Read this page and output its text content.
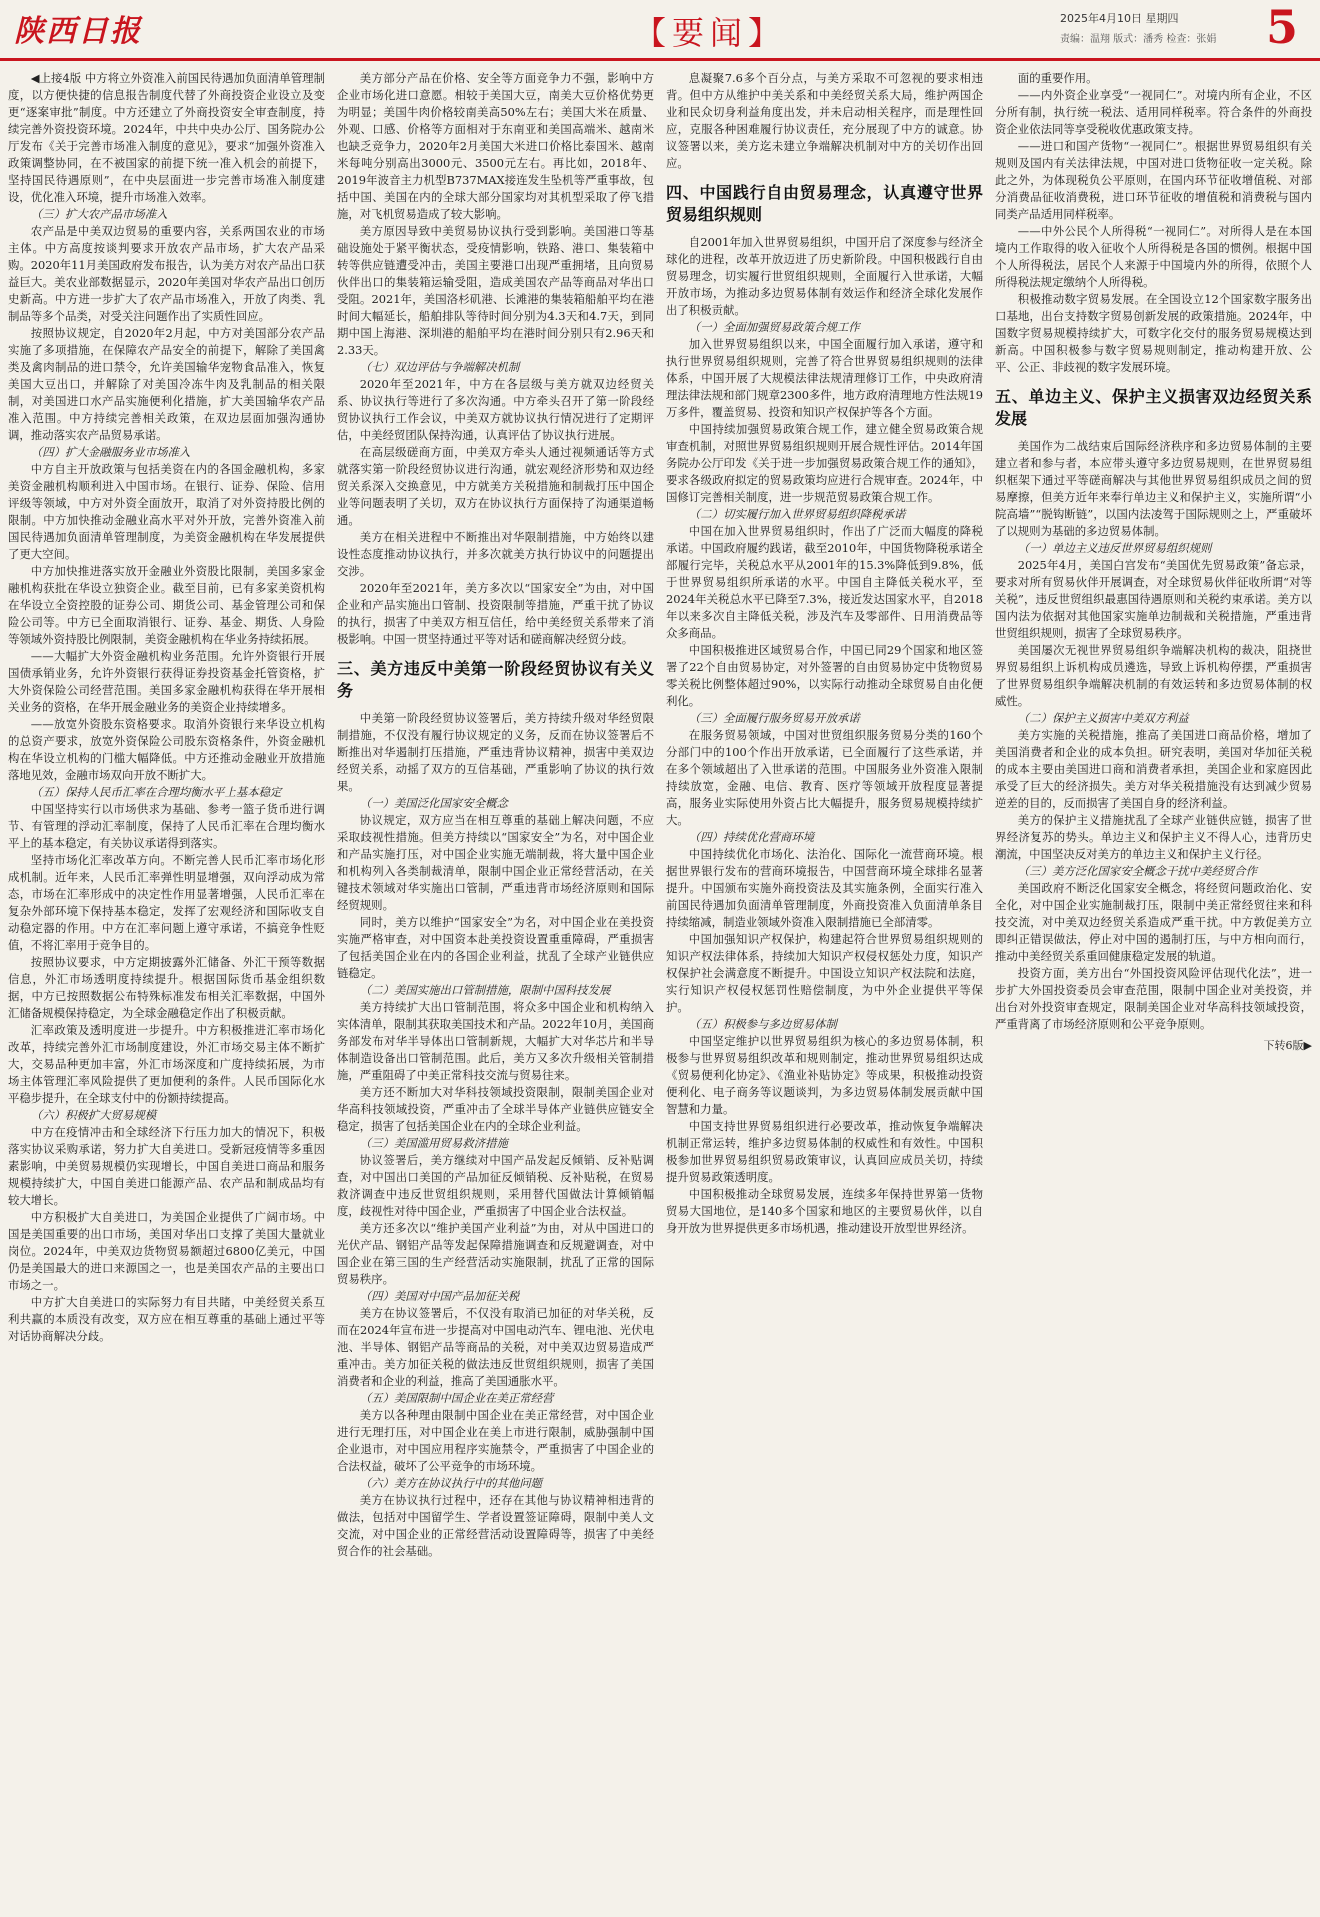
陕西日报	【要闻】	2025年4月10日 星期四
责编：温翔 版式：潘秀 检查：张娟 5

◀上接4版 中方将立外资准入前国民待遇加负面清单管理制度，以方便快捷的信息报告制度代替了外商投资企业设立及变更“逐案审批”制度。中方还建立了外商投资安全审查制度，持续完善外资投资环境。2024年，中共中央办公厅、国务院办公厅发布《关于完善市场准入制度的意见》，要求“加强外资准入政策调整协同，在不被国家的前提下统一准入机会的前提下，坚持国民待遇原则”，在中央层面进一步完善市场准入制度建设，优化准入环境，提升市场准入效率。

（三）扩大农产品市场准入

农产品是中美双边贸易的重要内容，关系两国农业的市场主体。中方高度按谈判要求开放农产品市场，扩大农产品采购。2020年11月美国政府发布报告，认为美方对农产品出口获益巨大。美农业部数据显示，2020年美国对华农产品出口创历史新高。中方进一步扩大了农产品市场准入，开放了肉类、乳制品等多个品类，对受关注问题作出了实质性回应。

按照协议规定，自2020年2月起，中方对美国部分农产品实施了多项措施，在保障农产品安全的前提下，解除了美国禽类及禽肉制品的进口禁令，允许美国输华宠物食品准入，恢复美国大豆出口，并解除了对美国冷冻牛肉及乳制品的相关限制，对美国进口水产品实施便利化措施，扩大美国输华农产品准入范围。中方持续完善相关政策，在双边层面加强沟通协调，推动落实农产品贸易承诺。

（四）扩大金融服务业市场准入

中方自主开放政策与包括美资在内的各国金融机构，多家美资金融机构顺利进入中国市场。在银行、证券、保险、信用评级等领域，中方对外资全面放开，取消了对外资持股比例的限制。中方加快推动金融业高水平对外开放，完善外资准入前国民待遇加负面清单管理制度，为美资金融机构在华发展提供了更大空间。

中方加快推进落实放开金融业外资股比限制，美国多家金融机构获批在华设立独资企业。截至目前，已有多家美资机构在华设立全资控股的证券公司、期货公司、基金管理公司和保险公司等。中方已全面取消银行、证券、基金、期货、人身险等领域外资持股比例限制，美资金融机构在华业务持续拓展。

——大幅扩大外资金融机构业务范围。允许外资银行开展国债承销业务，允许外资银行获得证券投资基金托管资格，扩大外资保险公司经营范围。美国多家金融机构获得在华开展相关业务的资格，在华开展金融业务的美资企业持续增多。

——放宽外资股东资格要求。取消外资银行来华设立机构的总资产要求，放宽外资保险公司股东资格条件，外资金融机构在华设立机构的门槛大幅降低。中方还推动金融业开放措施落地见效，金融市场双向开放不断扩大。

（五）保持人民币汇率在合理均衡水平上基本稳定

中国坚持实行以市场供求为基础、参考一篮子货币进行调节、有管理的浮动汇率制度，保持了人民币汇率在合理均衡水平上的基本稳定，有关协议承诺得到落实。

坚持市场化汇率改革方向。不断完善人民币汇率市场化形成机制。近年来，人民币汇率弹性明显增强，双向浮动成为常态，市场在汇率形成中的决定性作用显著增强，人民币汇率在复杂外部环境下保持基本稳定，发挥了宏观经济和国际收支自动稳定器的作用。中方在汇率问题上遵守承诺，不搞竞争性贬值，不将汇率用于竞争目的。

按照协议要求，中方定期披露外汇储备、外汇干预等数据信息，外汇市场透明度持续提升。根据国际货币基金组织数据，中方已按照数据公布特殊标准发布相关汇率数据，中国外汇储备规模保持稳定，为全球金融稳定作出了积极贡献。

汇率政策及透明度进一步提升。中方积极推进汇率市场化改革，持续完善外汇市场制度建设，外汇市场交易主体不断扩大，交易品种更加丰富，外汇市场深度和广度持续拓展，为市场主体管理汇率风险提供了更加便利的条件。人民币国际化水平稳步提升，在全球支付中的份额持续提高。

（六）积极扩大贸易规模

中方在疫情冲击和全球经济下行压力加大的情况下，积极落实协议采购承诺，努力扩大自美进口。受新冠疫情等多重因素影响，中美贸易规模仍实现增长，中国自美进口商品和服务规模持续扩大，中国自美进口能源产品、农产品和制成品均有较大增长。

中方积极扩大自美进口，为美国企业提供了广阔市场。中国是美国重要的出口市场，美国对华出口支撑了美国大量就业岗位。2024年，中美双边货物贸易额超过6800亿美元，中国仍是美国最大的进口来源国之一，也是美国农产品的主要出口市场之一。

中方扩大自美进口的实际努力有目共睹，中美经贸关系互利共赢的本质没有改变，双方应在相互尊重的基础上通过平等对话协商解决分歧。

美方部分产品在价格、安全等方面竞争力不强，影响中方企业市场化进口意愿。相较于美国大豆，南美大豆价格优势更为明显；美国牛肉价格较南美高50%左右；美国大米在质量、外观、口感、价格等方面相对于东南亚和美国高端米、越南米也缺乏竞争力，2020年2月美国大米进口价格比泰国米、越南米每吨分别高出3000元、3500元左右。再比如，2018年、2019年波音主力机型B737MAX接连发生坠机等严重事故，包括中国、美国在内的全球大部分国家均对其机型采取了停飞措施，对飞机贸易造成了较大影响。

美方原因导致中美贸易协议执行受到影响。美国港口等基础设施处于紧平衡状态，受疫情影响，铁路、港口、集装箱中转等供应链遭受冲击，美国主要港口出现严重拥堵，且向贸易伙伴出口的集装箱运输受阻，造成美国农产品等商品对华出口受阻。2021年，美国洛杉矶港、长滩港的集装箱船舶平均在港时间大幅延长，船舶排队等待时间分别为4.3天和4.7天，到同期中国上海港、深圳港的船舶平均在港时间分别只有2.96天和2.33天。

（七）双边评估与争端解决机制

2020年至2021年，中方在各层级与美方就双边经贸关系、协议执行等进行了多次沟通。中方牵头召开了第一阶段经贸协议执行工作会议，中美双方就协议执行情况进行了定期评估，中美经贸团队保持沟通，认真评估了协议执行进展。

在高层级磋商方面，中美双方牵头人通过视频通话等方式就落实第一阶段经贸协议进行沟通，就宏观经济形势和双边经贸关系深入交换意见，中方就美方关税措施和制裁打压中国企业等问题表明了关切，双方在协议执行方面保持了沟通渠道畅通。

美方在相关进程中不断推出对华限制措施，中方始终以建设性态度推动协议执行，并多次就美方执行协议中的问题提出交涉。

2020年至2021年，美方多次以“国家安全”为由，对中国企业和产品实施出口管制、投资限制等措施，严重干扰了协议的执行，损害了中美双方相互信任，给中美经贸关系带来了消极影响。中国一贯坚持通过平等对话和磋商解决经贸分歧。

三、美方违反中美第一阶段经贸协议有关义务

中美第一阶段经贸协议签署后，美方持续升级对华经贸限制措施，不仅没有履行协议规定的义务，反而在协议签署后不断推出对华遏制打压措施，严重违背协议精神，损害中美双边经贸关系，动摇了双方的互信基础，严重影响了协议的执行效果。

（一）美国泛化国家安全概念

协议规定，双方应当在相互尊重的基础上解决问题，不应采取歧视性措施。但美方持续以“国家安全”为名，对中国企业和产品实施打压，对中国企业实施无端制裁，将大量中国企业和机构列入各类制裁清单，限制中国企业正常经营活动，在关键技术领域对华实施出口管制，严重违背市场经济原则和国际经贸规则。

同时，美方以维护“国家安全”为名，对中国企业在美投资实施严格审查，对中国资本赴美投资设置重重障碍，严重损害了包括美国企业在内的各国企业利益，扰乱了全球产业链供应链稳定。

（二）美国实施出口管制措施，限制中国科技发展

美方持续扩大出口管制范围，将众多中国企业和机构纳入实体清单，限制其获取美国技术和产品。2022年10月，美国商务部发布对华半导体出口管制新规，大幅扩大对华芯片和半导体制造设备出口管制范围。此后，美方又多次升级相关管制措施，严重阻碍了中美正常科技交流与贸易往来。

美方还不断加大对华科技领域投资限制，限制美国企业对华高科技领域投资，严重冲击了全球半导体产业链供应链安全稳定，损害了包括美国企业在内的全球企业利益。

（三）美国滥用贸易救济措施

协议签署后，美方继续对中国产品发起反倾销、反补贴调查，对中国出口美国的产品加征反倾销税、反补贴税，在贸易救济调查中违反世贸组织规则，采用替代国做法计算倾销幅度，歧视性对待中国企业，严重损害了中国企业合法权益。

美方还多次以“维护美国产业利益”为由，对从中国进口的光伏产品、钢铝产品等发起保障措施调查和反规避调查，对中国企业在第三国的生产经营活动实施限制，扰乱了正常的国际贸易秩序。

（四）美国对中国产品加征关税

美方在协议签署后，不仅没有取消已加征的对华关税，反而在2024年宣布进一步提高对中国电动汽车、锂电池、光伏电池、半导体、钢铝产品等商品的关税，对中美双边贸易造成严重冲击。美方加征关税的做法违反世贸组织规则，损害了美国消费者和企业的利益，推高了美国通胀水平。

（五）美国限制中国企业在美正常经营

美方以各种理由限制中国企业在美正常经营，对中国企业进行无理打压，对中国企业在美上市进行限制，威胁强制中国企业退市，对中国应用程序实施禁令，严重损害了中国企业的合法权益，破坏了公平竞争的市场环境。

（六）美方在协议执行中的其他问题

美方在协议执行过程中，还存在其他与协议精神相违背的做法，包括对中国留学生、学者设置签证障碍，限制中美人文交流，对中国企业的正常经营活动设置障碍等，损害了中美经贸合作的社会基础。

息凝聚7.6多个百分点，与美方采取不可忽视的要求相违背。但中方从维护中美关系和中美经贸关系大局，维护两国企业和民众切身利益角度出发，并未启动相关程序，而是理性回应，克服各种困难履行协议责任，充分展现了中方的诚意。协议签署以来，美方迄未建立争端解决机制对中方的关切作出回应。

四、中国践行自由贸易理念，认真遵守世界贸易组织规则

自2001年加入世界贸易组织，中国开启了深度参与经济全球化的进程，改革开放迈进了历史新阶段。中国积极践行自由贸易理念，切实履行世贸组织规则，全面履行入世承诺，大幅开放市场，为推动多边贸易体制有效运作和经济全球化发展作出了积极贡献。

（一）全面加强贸易政策合规工作

加入世界贸易组织以来，中国全面履行加入承诺，遵守和执行世界贸易组织规则，完善了符合世界贸易组织规则的法律体系，中国开展了大规模法律法规清理修订工作，中央政府清理法律法规和部门规章2300多件，地方政府清理地方性法规19万多件，覆盖贸易、投资和知识产权保护等各个方面。

中国持续加强贸易政策合规工作，建立健全贸易政策合规审查机制，对照世界贸易组织规则开展合规性评估。2014年国务院办公厅印发《关于进一步加强贸易政策合规工作的通知》，要求各级政府拟定的贸易政策均应进行合规审查。2024年，中国修订完善相关制度，进一步规范贸易政策合规工作。

（二）切实履行加入世界贸易组织降税承诺

中国在加入世界贸易组织时，作出了广泛而大幅度的降税承诺。中国政府履约践诺，截至2010年，中国货物降税承诺全部履行完毕，关税总水平从2001年的15.3%降低到9.8%，低于世界贸易组织所承诺的水平。中国自主降低关税水平，至2024年关税总水平已降至7.3%，接近发达国家水平，自2018年以来多次自主降低关税，涉及汽车及零部件、日用消费品等众多商品。

中国积极推进区域贸易合作，中国已同29个国家和地区签署了22个自由贸易协定，对外签署的自由贸易协定中货物贸易零关税比例整体超过90%，以实际行动推动全球贸易自由化便利化。

（三）全面履行服务贸易开放承诺

在服务贸易领域，中国对世贸组织服务贸易分类的160个分部门中的100个作出开放承诺，已全面履行了这些承诺，并在多个领域超出了入世承诺的范围。中国服务业外资准入限制持续放宽，金融、电信、教育、医疗等领域开放程度显著提高，服务业实际使用外资占比大幅提升，服务贸易规模持续扩大。

（四）持续优化营商环境

中国持续优化市场化、法治化、国际化一流营商环境。根据世界银行发布的营商环境报告，中国营商环境全球排名显著提升。中国颁布实施外商投资法及其实施条例，全面实行准入前国民待遇加负面清单管理制度，外商投资准入负面清单条目持续缩减，制造业领域外资准入限制措施已全部清零。

中国加强知识产权保护，构建起符合世界贸易组织规则的知识产权法律体系，持续加大知识产权侵权惩处力度，知识产权保护社会满意度不断提升。中国设立知识产权法院和法庭，实行知识产权侵权惩罚性赔偿制度，为中外企业提供平等保护。

（五）积极参与多边贸易体制

中国坚定维护以世界贸易组织为核心的多边贸易体制，积极参与世界贸易组织改革和规则制定，推动世界贸易组织达成《贸易便利化协定》、《渔业补贴协定》等成果，积极推动投资便利化、电子商务等议题谈判，为多边贸易体制发展贡献中国智慧和力量。

中国支持世界贸易组织进行必要改革，推动恢复争端解决机制正常运转，维护多边贸易体制的权威性和有效性。中国积极参加世界贸易组织贸易政策审议，认真回应成员关切，持续提升贸易政策透明度。

中国积极推动全球贸易发展，连续多年保持世界第一货物贸易大国地位，是140多个国家和地区的主要贸易伙伴，以自身开放为世界提供更多市场机遇，推动建设开放型世界经济。

面的重要作用。

——内外资企业享受“一视同仁”。对境内所有企业，不区分所有制，执行统一税法、适用同样税率。符合条件的外商投资企业依法同等享受税收优惠政策支持。

——进口和国产货物“一视同仁”。根据世界贸易组织有关规则及国内有关法律法规，中国对进口货物征收一定关税。除此之外，为体现税负公平原则，在国内环节征收增值税、对部分消费品征收消费税，进口环节征收的增值税和消费税与国内同类产品适用同样税率。

——中外公民个人所得税“一视同仁”。对所得人是在本国境内工作取得的收入征收个人所得税是各国的惯例。根据中国个人所得税法，居民个人来源于中国境内外的所得，依照个人所得税法规定缴纳个人所得税。

积极推动数字贸易发展。在全国设立12个国家数字服务出口基地，出台支持数字贸易创新发展的政策措施。2024年，中国数字贸易规模持续扩大，可数字化交付的服务贸易规模达到新高。中国积极参与数字贸易规则制定，推动构建开放、公平、公正、非歧视的数字发展环境。

五、单边主义、保护主义损害双边经贸关系发展

美国作为二战结束后国际经济秩序和多边贸易体制的主要建立者和参与者，本应带头遵守多边贸易规则，在世界贸易组织框架下通过平等磋商解决与其他世界贸易组织成员之间的贸易摩擦，但美方近年来奉行单边主义和保护主义，实施所谓“小院高墙”“脱钩断链”，以国内法凌驾于国际规则之上，严重破坏了以规则为基础的多边贸易体制。

（一）单边主义违反世界贸易组织规则

2025年4月，美国白宫发布“美国优先贸易政策”备忘录，要求对所有贸易伙伴开展调查，对全球贸易伙伴征收所谓“对等关税”，违反世贸组织最惠国待遇原则和关税约束承诺。美方以国内法为依据对其他国家实施单边制裁和关税措施，严重违背世贸组织规则，损害了全球贸易秩序。

美国屡次无视世界贸易组织争端解决机构的裁决，阻挠世界贸易组织上诉机构成员遴选，导致上诉机构停摆，严重损害了世界贸易组织争端解决机制的有效运转和多边贸易体制的权威性。

（二）保护主义损害中美双方利益

美方实施的关税措施，推高了美国进口商品价格，增加了美国消费者和企业的成本负担。研究表明，美国对华加征关税的成本主要由美国进口商和消费者承担，美国企业和家庭因此承受了巨大的经济损失。美方对华关税措施没有达到减少贸易逆差的目的，反而损害了美国自身的经济利益。

美方的保护主义措施扰乱了全球产业链供应链，损害了世界经济复苏的势头。单边主义和保护主义不得人心，违背历史潮流，中国坚决反对美方的单边主义和保护主义行径。

（三）美方泛化国家安全概念干扰中美经贸合作

美国政府不断泛化国家安全概念，将经贸问题政治化、安全化，对中国企业实施制裁打压，限制中美正常经贸往来和科技交流，对中美双边经贸关系造成严重干扰。中方敦促美方立即纠正错误做法，停止对中国的遏制打压，与中方相向而行，推动中美经贸关系重回健康稳定发展的轨道。

投资方面，美方出台“外国投资风险评估现代化法”，进一步扩大外国投资委员会审查范围，限制中国企业对美投资，并出台对外投资审查规定，限制美国企业对华高科技领域投资，严重背离了市场经济原则和公平竞争原则。

下转6版▶
